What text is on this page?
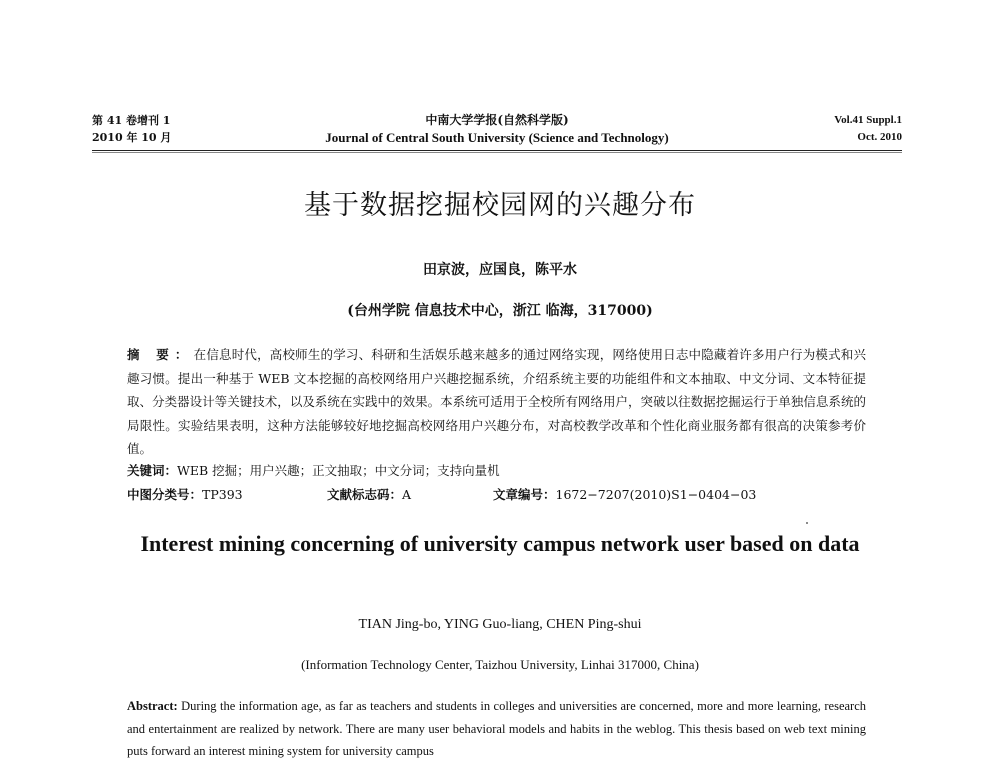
第 41 卷增刊 1
2010 年 10 月
中南大学学报(自然科学版)
Journal of Central South University (Science and Technology)
Vol.41 Suppl.1
Oct. 2010
基于数据挖掘校园网的兴趣分布
田京波，应国良，陈平水
(台州学院 信息技术中心，浙江 临海，317000)
摘 要：在信息时代，高校师生的学习、科研和生活娱乐越来越多的通过网络实现，网络使用日志中隐藏着许多用户行为模式和兴趣习惯。提出一种基于 WEB 文本挖掘的高校网络用户兴趣挖掘系统，介绍系统主要的功能组件和文本抽取、中文分词、文本特征提取、分类器设计等关键技术，以及系统在实践中的效果。本系统可适用于全校所有网络用户，突破以往数据挖掘运行于单独信息系统的局限性。实验结果表明，这种方法能够较好地挖掘高校网络用户兴趣分布，对高校教学改革和个性化商业服务都有很高的决策参考价值。
关键词：WEB 挖掘；用户兴趣；正文抽取；中文分词；支持向量机
中图分类号：TP393	文献标志码：A	文章编号：1672−7207(2010)S1−0404−03
Interest mining concerning of university campus network user based on data
TIAN Jing-bo, YING Guo-liang, CHEN Ping-shui
(Information Technology Center, Taizhou University, Linhai 317000, China)
Abstract: During the information age, as far as teachers and students in colleges and universities are concerned, more and more learning, research and entertainment are realized by network. There are many user behavioral models and habits in the weblog. This thesis based on web text mining puts forward an interest mining system for university campus
